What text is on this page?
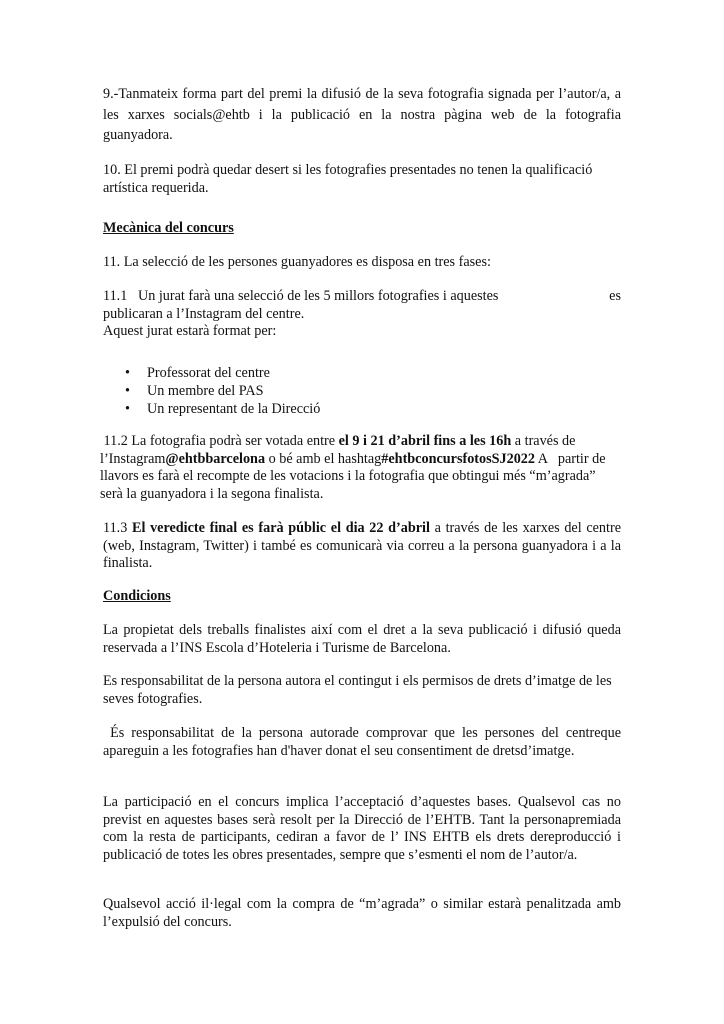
9.-Tanmateix forma part del premi la difusió de la seva fotografia signada per l’autor/a, a les xarxes socials@ehtb i la publicació en la nostra pàgina web de la fotografia guanyadora.

10. El premi podrà quedar desert si les fotografies presentades no tenen la qualificació artística requerida.

Mecànica del concurs

11. La selecció de les persones guanyadores es disposa en tres fases:

11.1   Un jurat farà una selecció de les 5 millors fotografies i aquestes	es
publicaran a l’Instagram del centre.
Aquest jurat estarà format per:
• Professorat del centre
• Un membre del PAS
• Un representant de la Direcció

11.2 La fotografia podrà ser votada entre el 9 i 21 d’abril fins a les 16h a través de l’Instagram@ehtbbarcelona o bé amb el hashtag#ehtbconcursfotosSJ2022 A   partir de llavors es farà el recompte de les votacions i la fotografia que obtingui més “m’agrada” serà la guanyadora i la segona finalista.

11.3 El veredicte final es farà públic el dia 22 d’abril a través de les xarxes del centre (web, Instagram, Twitter) i també es comunicarà via correu a la persona guanyadora i a la finalista.

Condicions

La propietat dels treballs finalistes així com el dret a la seva publicació i difusió queda reservada a l’INS Escola d’Hoteleria i Turisme de Barcelona.

Es responsabilitat de la persona autora el contingut i els permisos de drets d’imatge de les seves fotografies.

És responsabilitat de la persona autorade comprovar que les persones del centreque apareguin a les fotografies han d'haver donat el seu consentiment de dretsd’imatge.

La participació en el concurs implica l’acceptació d’aquestes bases. Qualsevol cas no previst en aquestes bases serà resolt per la Direcció de l’EHTB. Tant la personapremiada com la resta de participants, cediran a favor de l’ INS EHTB els drets dereproducció i publicació de totes les obres presentades, sempre que s’esmenti el nom de l’autor/a.

Qualsevol acció il·legal com la compra de “m’agrada” o similar estarà penalitzada amb l’expulsió del concurs.
